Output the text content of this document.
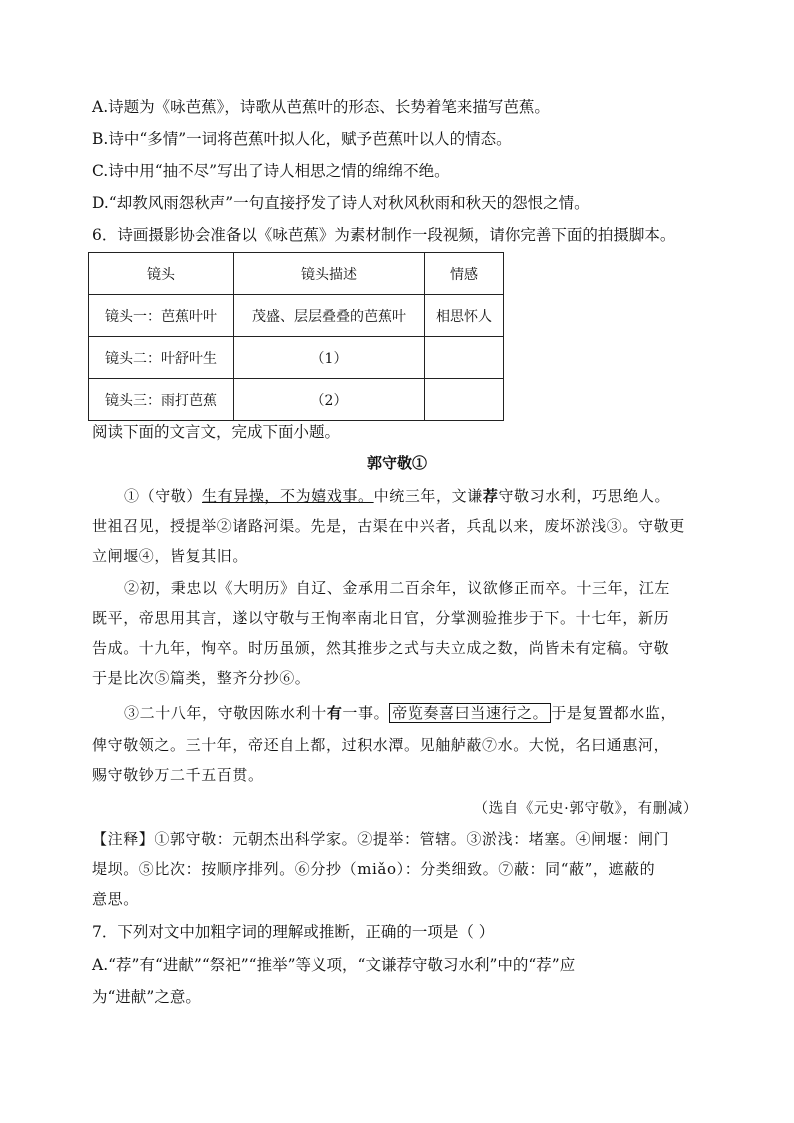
A.诗题为《咏芭蕉》，诗歌从芭蕉叶的形态、长势着笔来描写芭蕉。
B.诗中“多情”一词将芭蕉叶拟人化，赋予芭蕉叶以人的情态。
C.诗中用“抽不尽”写出了诗人相思之情的绵绵不绝。
D.“却教风雨怨秋声”一句直接抒发了诗人对秋风秋雨和秋天的怨恨之情。
6．诗画摄影协会准备以《咏芭蕉》为素材制作一段视频，请你完善下面的拍摄脚本。
镜头	镜头描述	情感
镜头一：芭蕉叶叶	茂盛、层层叠叠的芭蕉叶	相思怀人
镜头二：叶舒叶生	（1）	
镜头三：雨打芭蕉	（2）	
阅读下面的文言文，完成下面小题。
郭守敬①
①（守敬）生有异操，不为嬉戏事。中统三年，文谦荐守敬习水利，巧思绝人。
世祖召见，授提举②诸路河渠。先是，古渠在中兴者，兵乱以来，废坏淤浅③。守敬更
立闸堰④，皆复其旧。
②初，秉忠以《大明历》自辽、金承用二百余年，议欲修正而卒。十三年，江左
既平，帝思用其言，遂以守敬与王恂率南北日官，分掌测验推步于下。十七年，新历
告成。十九年，恂卒。时历虽颁，然其推步之式与夫立成之数，尚皆未有定稿。守敬
于是比次⑤篇类，整齐分抄⑥。
③二十八年，守敬因陈水利十有一事。 帝览奏喜曰当速行之。 于是复置都水监，
俾守敬领之。三十年，帝还自上都，过积水潭。见舳舻蔽⑦水。大悦，名曰通惠河，
赐守敬钞万二千五百贯。
（选自《元史·郭守敬》，有删减）
【注释】①郭守敬：元朝杰出科学家。②提举：管辖。③淤浅：堵塞。④闸堰：闸门
堤坝。⑤比次：按顺序排列。⑥分抄（miǎo）：分类细致。⑦蔽：同“蔽”，遮蔽的
意思。
7．下列对文中加粗字词的理解或推断，正确的一项是（ ）
A.“荐”有“进献”“祭祀”“推举”等义项，“文谦荐守敬习水利”中的“荐”应
为“进献”之意。
